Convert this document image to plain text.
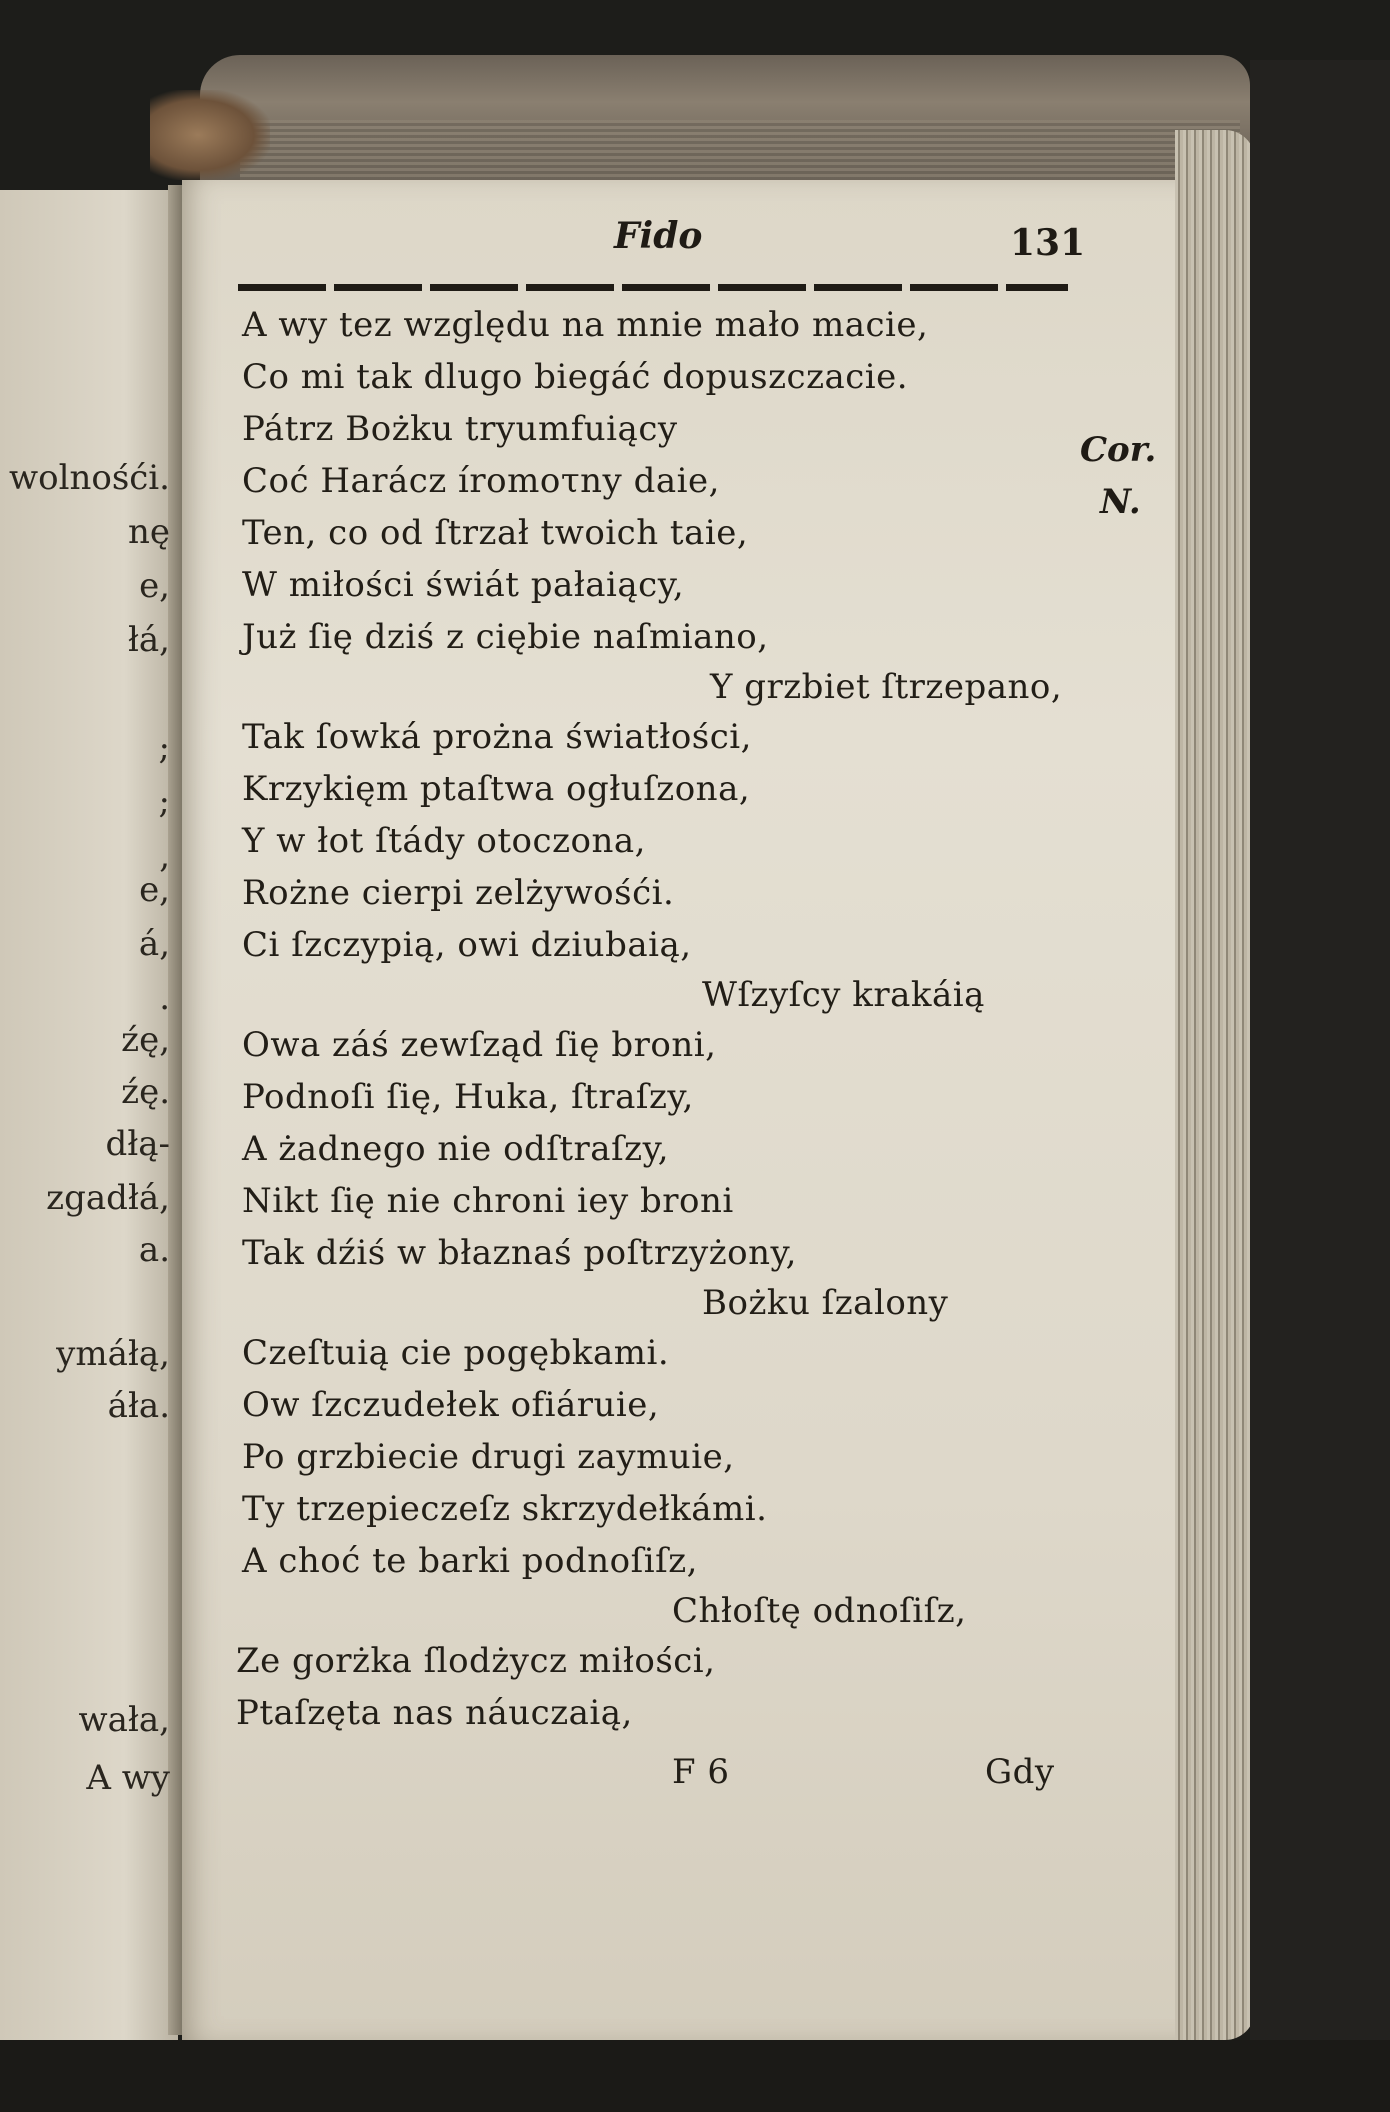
wolnośći.
nę
e,
łá,
;
;
,
e,
á,
.
źę,
źę.
dłą-
zgadłá,
a.
ymáłą,
áła.
wała,
A wy
Fido	131
Cor.
N.
A wy tez względu na mnie mało macie,
Co mi tak dlugo biegáć dopuszczacie.
Pátrz Bożku tryumfuiący
Coć Harácz íromoτny daie,
Ten, co od ſtrzał twoich taie,
W miłości świát pałaiący,
Już ſię dziś z ciębie naſmiano,
Y grzbiet ſtrzepano,
Tak ſowká prożna światłości,
Krzykięm ptaſtwa ogłuſzona,
Y w łot ſtády otoczona,
Rożne cierpi zelżywośći.
Ci ſzczypią, owi dziubaią,
Wſzyſcy krakáią
Owa záś zewſząd ſię broni,
Podnoſi ſię, Huka, ſtraſzy,
A żadnego nie odſtraſzy,
Nikt ſię nie chroni iey broni
Tak dźiś w błaznaś poſtrzyżony,
Bożku ſzalony
Czeſtuią cie pogębkami.
Ow ſzczudełek ofiáruie,
Po grzbiecie drugi zaymuie,
Ty trzepieczeſz skrzydełkámi.
A choć te barki podnoſiſz,
Chłoſtę odnoſiſz,
Ze gorżka ſlodżycz miłości,
Ptaſzęta nas náuczaią,
F 6	Gdy
